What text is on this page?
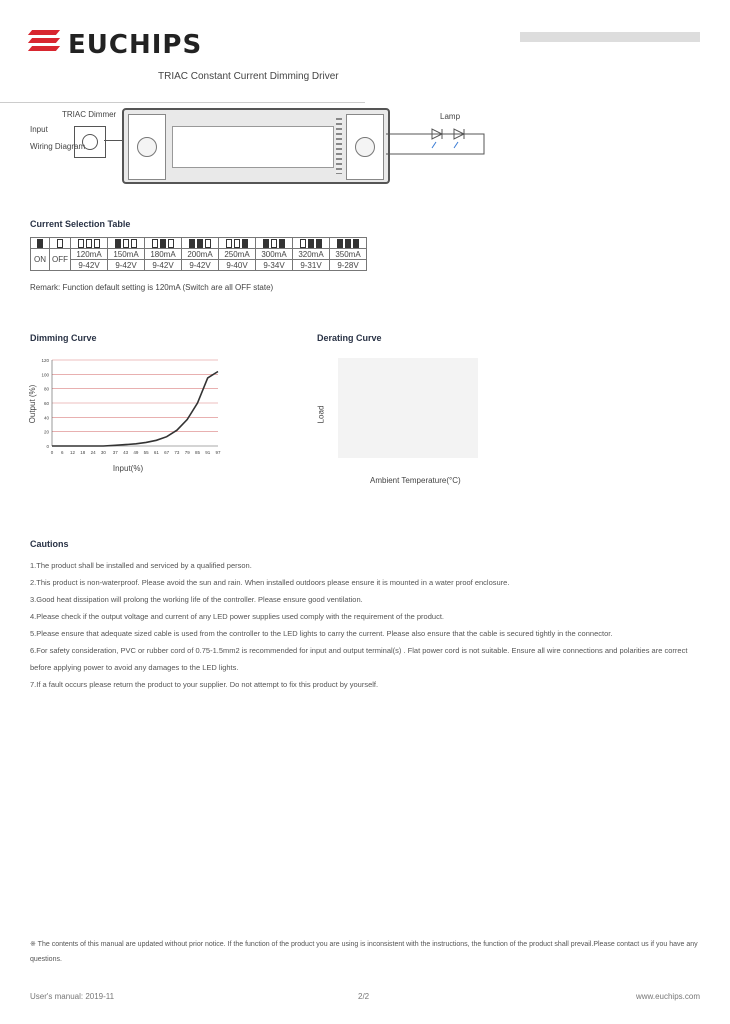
EUCHIPS
TRIAC Constant Current Dimming Driver
TRIAC Dimmer
Input
Wiring Diagram
Lamp
Current Selection Table

ON	OFF	120mA	150mA	180mA	200mA	250mA	300mA	320mA	350mA
		9-42V	9-42V	9-42V	9-42V	9-40V	9-34V	9-31V	9-28V
Remark: Function default setting is 120mA (Switch are all OFF state)
Dimming Curve
0
20
40
60
80
100
120
0 6 12 18 24 30 37 43 49 55 61 67 73 79 85 91 97
Output (%)
Input(%)
Derating Curve
Load
Ambient Temperature(°C)
Cautions
1.The product shall be installed and serviced by a qualified person.
2.This product is non-waterproof. Please avoid the sun and rain. When installed outdoors please ensure it is mounted in a water proof enclosure.
3.Good heat dissipation will prolong the working life of the controller. Please ensure good ventilation.
4.Please check if the output voltage and current of any LED power supplies used comply with the requirement of the product.
5.Please ensure that adequate sized cable is used from the controller to the LED lights to carry the current. Please also ensure that the cable is secured tightly in the connector.
6.For safety consideration, PVC or rubber cord of 0.75-1.5mm2 is recommended for input and output terminal(s) . Flat power cord is not suitable. Ensure all wire connections and polarities are correct before applying power to avoid any damages to the LED lights.
7.If a fault occurs please return the product to your supplier. Do not attempt to fix this product by yourself.
※ The contents of this manual are updated without prior notice. If the function of the product you are using is inconsistent with the instructions, the function of the product shall prevail.Please contact us if you have any questions.
User's manual: 2019-11	2/2	www.euchips.com
